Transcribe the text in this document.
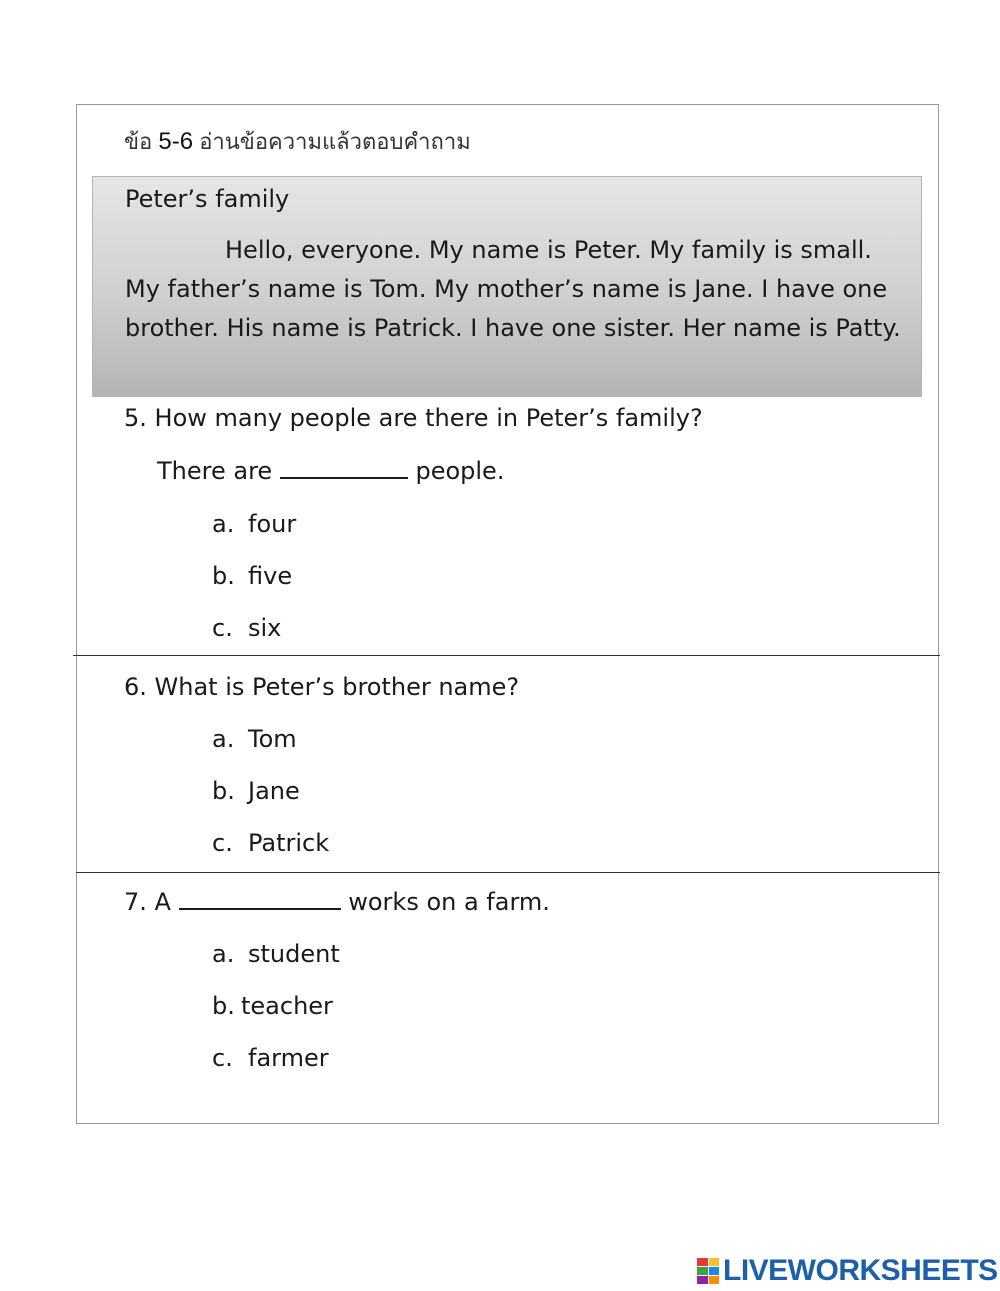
ข้อ 5-6 อ่านข้อความแล้วตอบคำถาม
Peter’s family

Hello, everyone. My name is Peter. My family is small. My father’s name is Tom. My mother’s name is Jane. I have one brother. His name is Patrick. I have one sister. Her name is Patty.

5. How many people are there in Peter’s family?
There are	people.
a. four
b. five
c. six
6. What is Peter’s brother name?
a. Tom
b. Jane
c. Patrick
7. A	works on a farm.
a. student
b. teacher
c. farmer
LIVEWORKSHEETS
